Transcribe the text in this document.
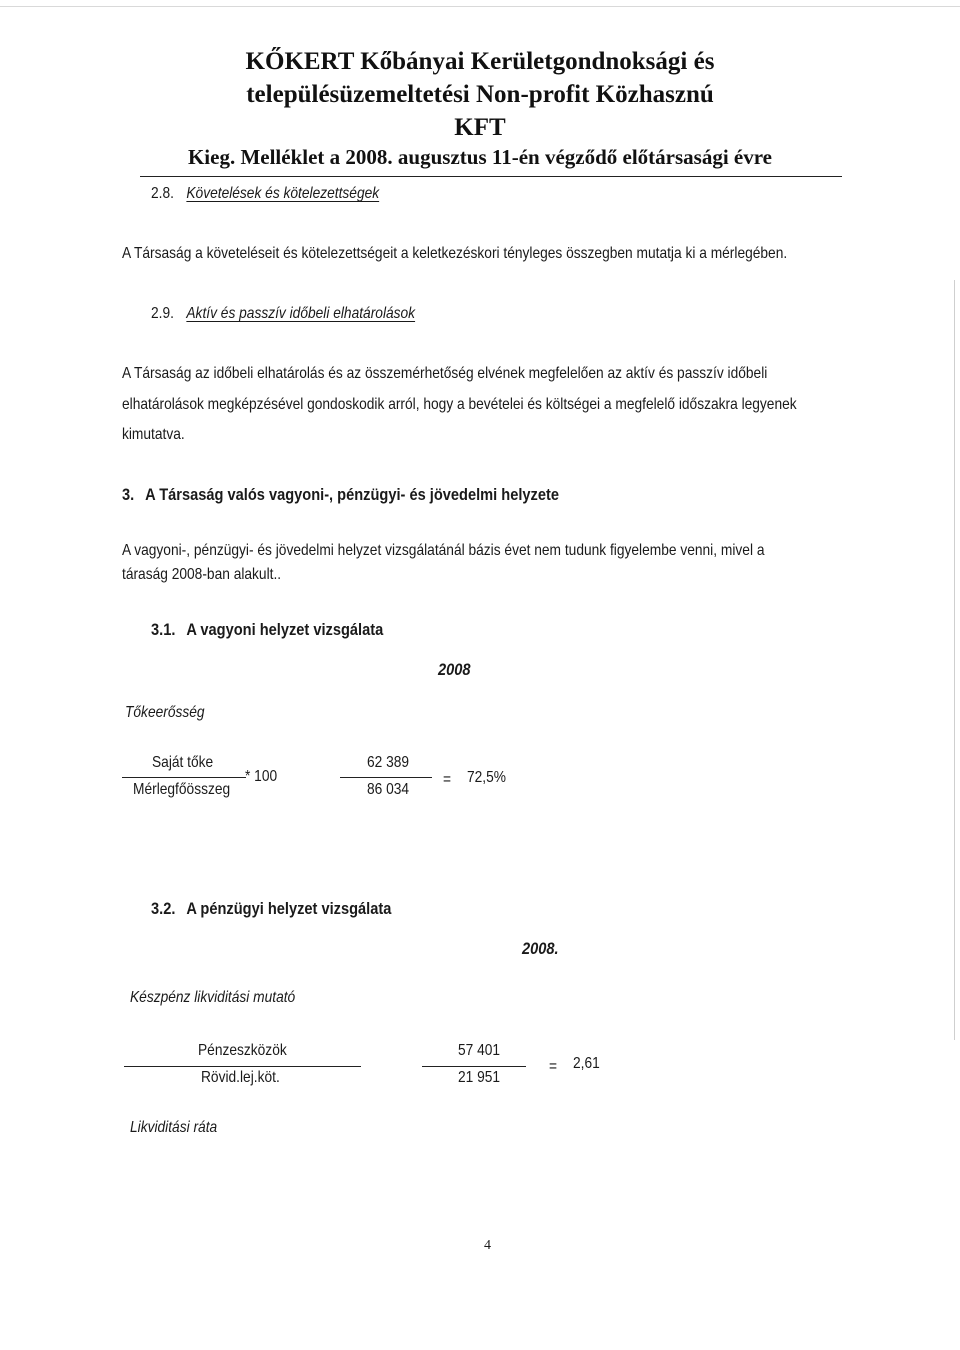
KŐKERT Kőbányai Kerületgondnoksági és
településüzemeltetési Non-profit Közhasznú
KFT
Kieg. Melléklet a 2008. augusztus 11-én végződő előtársasági évre
2.8. Követelések és kötelezettségek
A Társaság a követeléseit és kötelezettségeit a keletkezéskori tényleges összegben mutatja ki a mérlegében.
2.9. Aktív és passzív időbeli elhatárolások
A Társaság az időbeli elhatárolás és az összemérhetőség elvének megfelelően az aktív és passzív időbeli
elhatárolások megképzésével gondoskodik arról, hogy a bevételei és költségei a megfelelő időszakra legyenek
kimutatva.
3. A Társaság valós vagyoni-, pénzügyi- és jövedelmi helyzete
A vagyoni-, pénzügyi- és jövedelmi helyzet vizsgálatánál bázis évet nem tudunk figyelembe venni, mivel a
táraság 2008-ban alakult..
3.1. A vagyoni helyzet vizsgálata
2008
Tőkeerősség
Saját tőke
Mérlegfőösszeg
* 100
62 389
86 034
= 72,5%
3.2. A pénzügyi helyzet vizsgálata
2008.
Készpénz likviditási mutató
Pénzeszközök
Rövid.lej.köt.
57 401
21 951
= 2,61
Likviditási ráta
4
